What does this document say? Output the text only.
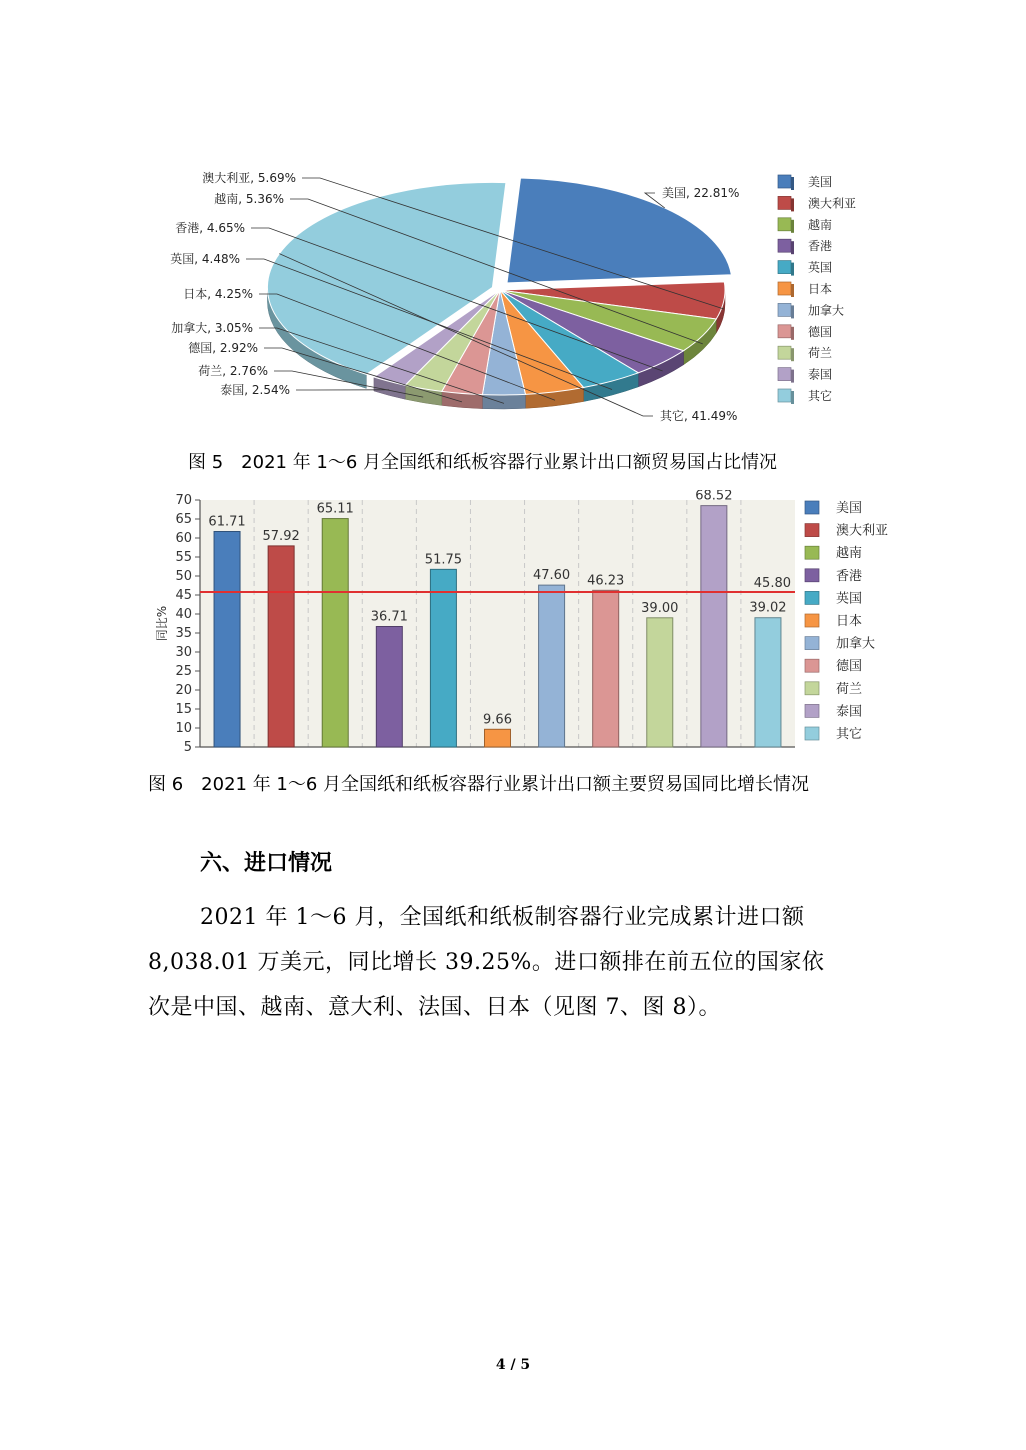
美国, 22.81%
澳大利亚, 5.69%
越南, 5.36%
香港, 4.65%
英国, 4.48%
日本, 4.25%
加拿大, 3.05%
德国, 2.92%
荷兰, 2.76%
泰国, 2.54%
其它, 41.49%
美国
澳大利亚
越南
香港
英国
日本
加拿大
德国
荷兰
泰国
其它
图 5　2021 年 1～6 月全国纸和纸板容器行业累计出口额贸易国占比情况
5
10
15
20
25
30
35
40
45
50
55
60
65
70
61.71
57.92
65.11
36.71
51.75
9.66
47.60 46.23
39.00
68.52
39.02
45.80
同比%
美国
澳大利亚
越南
香港
英国
日本
加拿大
德国
荷兰
泰国
其它
图 6　2021 年 1～6 月全国纸和纸板容器行业累计出口额主要贸易国同比增长情况
六、进口情况
2021 年 1～6 月，全国纸和纸板制容器行业完成累计进口额
8,038.01 万美元，同比增长 39.25%。进口额排在前五位的国家依
次是中国、越南、意大利、法国、日本（见图 7、图 8）。
4 / 5
